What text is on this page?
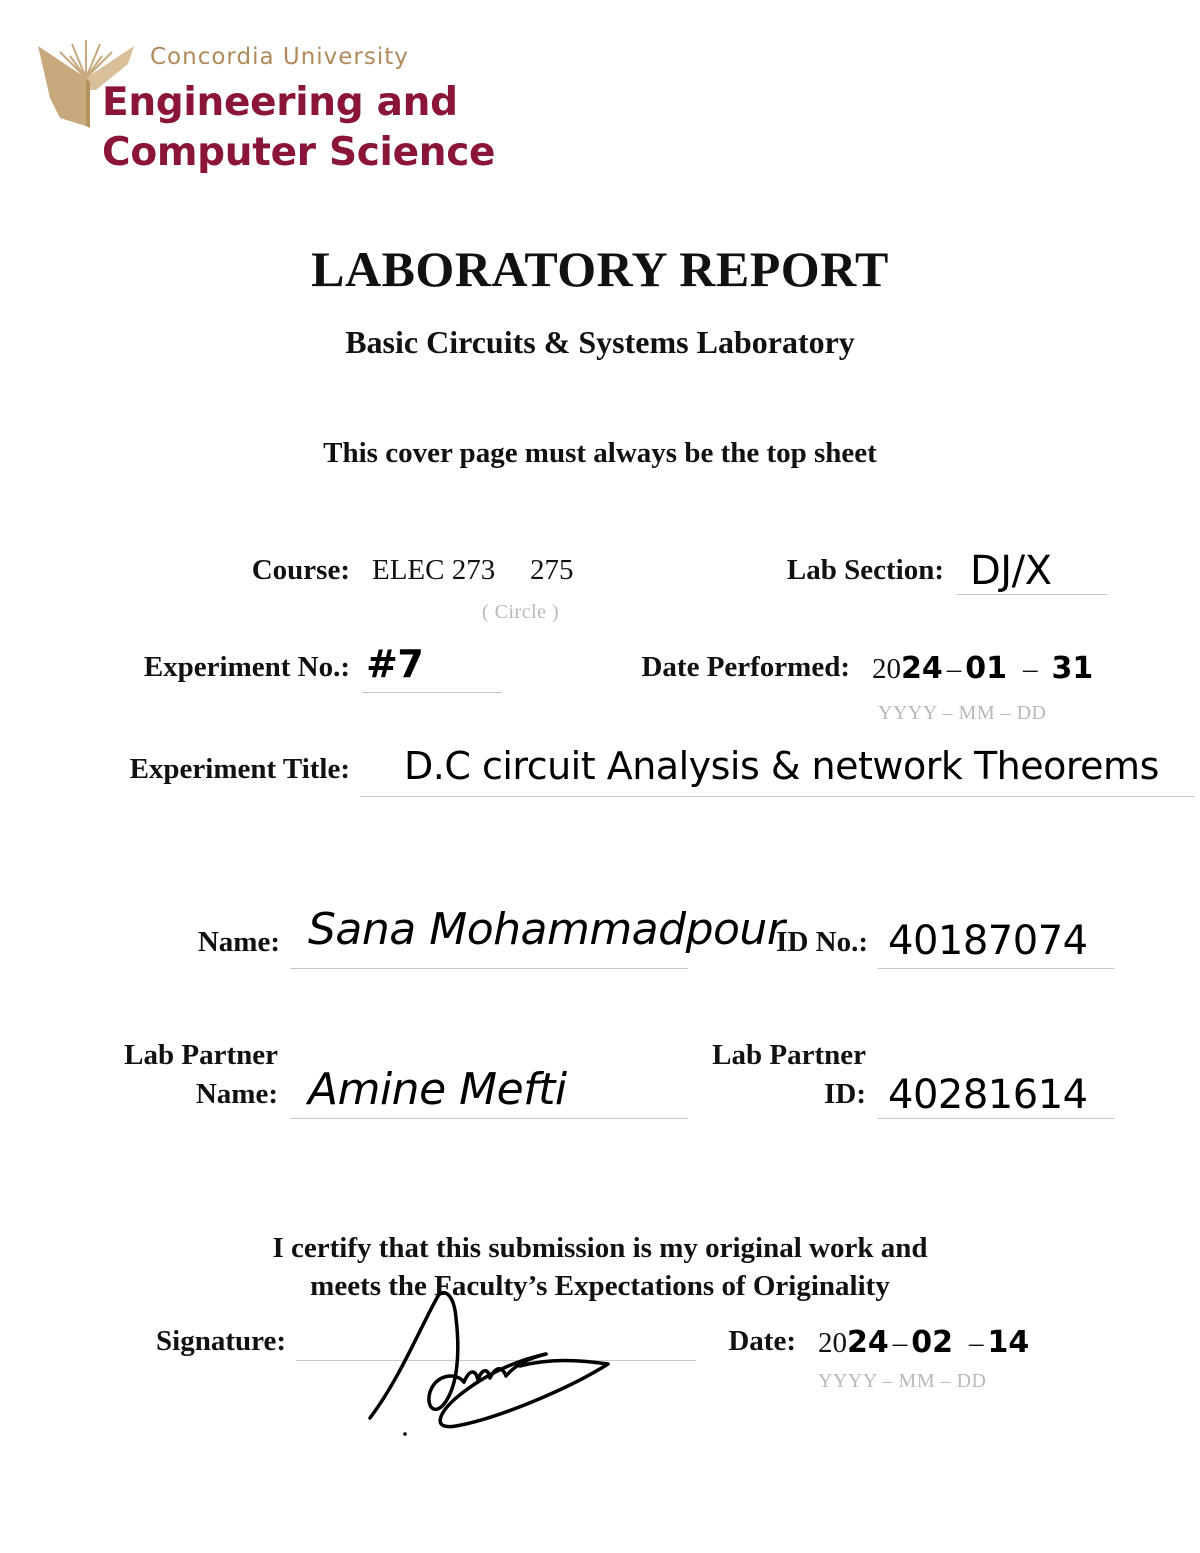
Concordia University
Engineering and
Computer Science
LABORATORY REPORT
Basic Circuits & Systems Laboratory
This cover page must always be the top sheet
Course: ELEC 273 275
( Circle )
Lab Section: DJ/X
Experiment No.: #7	Date Performed: 2024 – 01 – 31
YYYY – MM – DD
Experiment Title: D.C circuit Analysis & network Theorems
Name: Sana Mohammadpour
ID No.: 40187074
Lab Partner
Name: Amine Mefti
Lab Partner
ID: 40281614
I certify that this submission is my original work and
meets the Faculty’s Expectations of Originality
Signature:	Date: 2024 – 02 – 14
YYYY – MM – DD
